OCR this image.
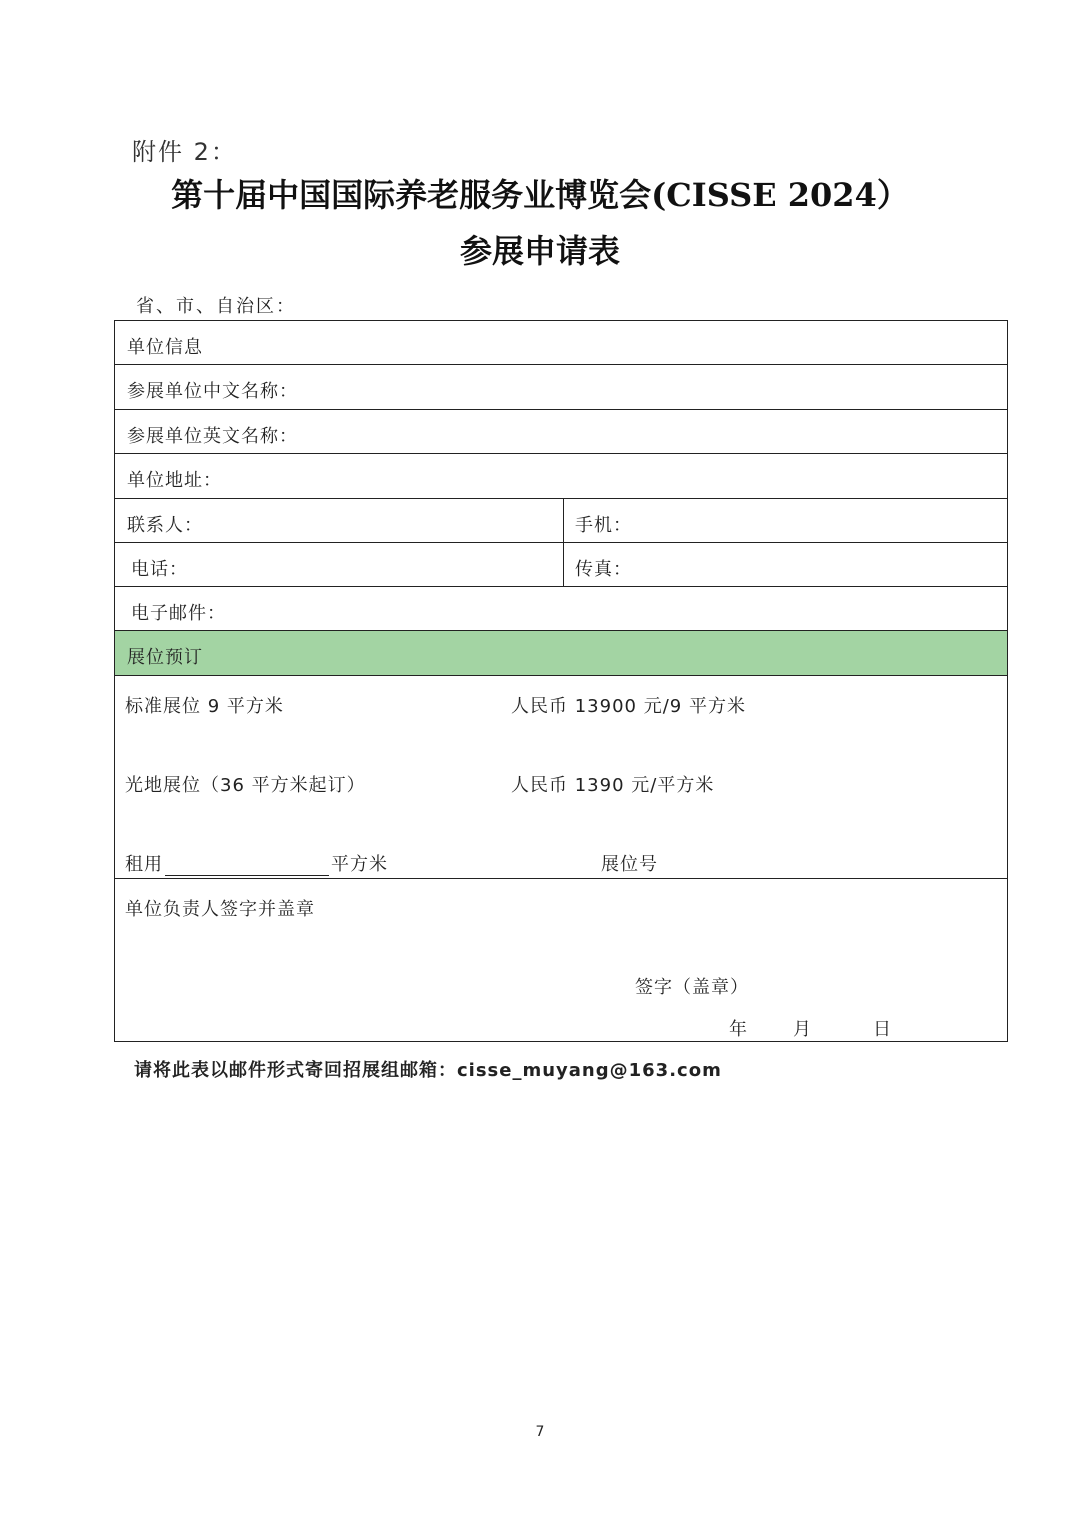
附件 2：
第十届中国国际养老服务业博览会(CISSE 2024）
参展申请表
省、市、自治区：
单位信息
参展单位中文名称：
参展单位英文名称：
单位地址：
联系人：	手机：
电话：	传真：
电子邮件：
展位预订
标准展位 9 平方米	人民币 13900 元/9 平方米
光地展位（36 平方米起订）	人民币 1390 元/平方米
租用	平方米	展位号
单位负责人签字并盖章
签字（盖章）
年	月	日
请将此表以邮件形式寄回招展组邮箱：cisse_muyang@163.com
7
